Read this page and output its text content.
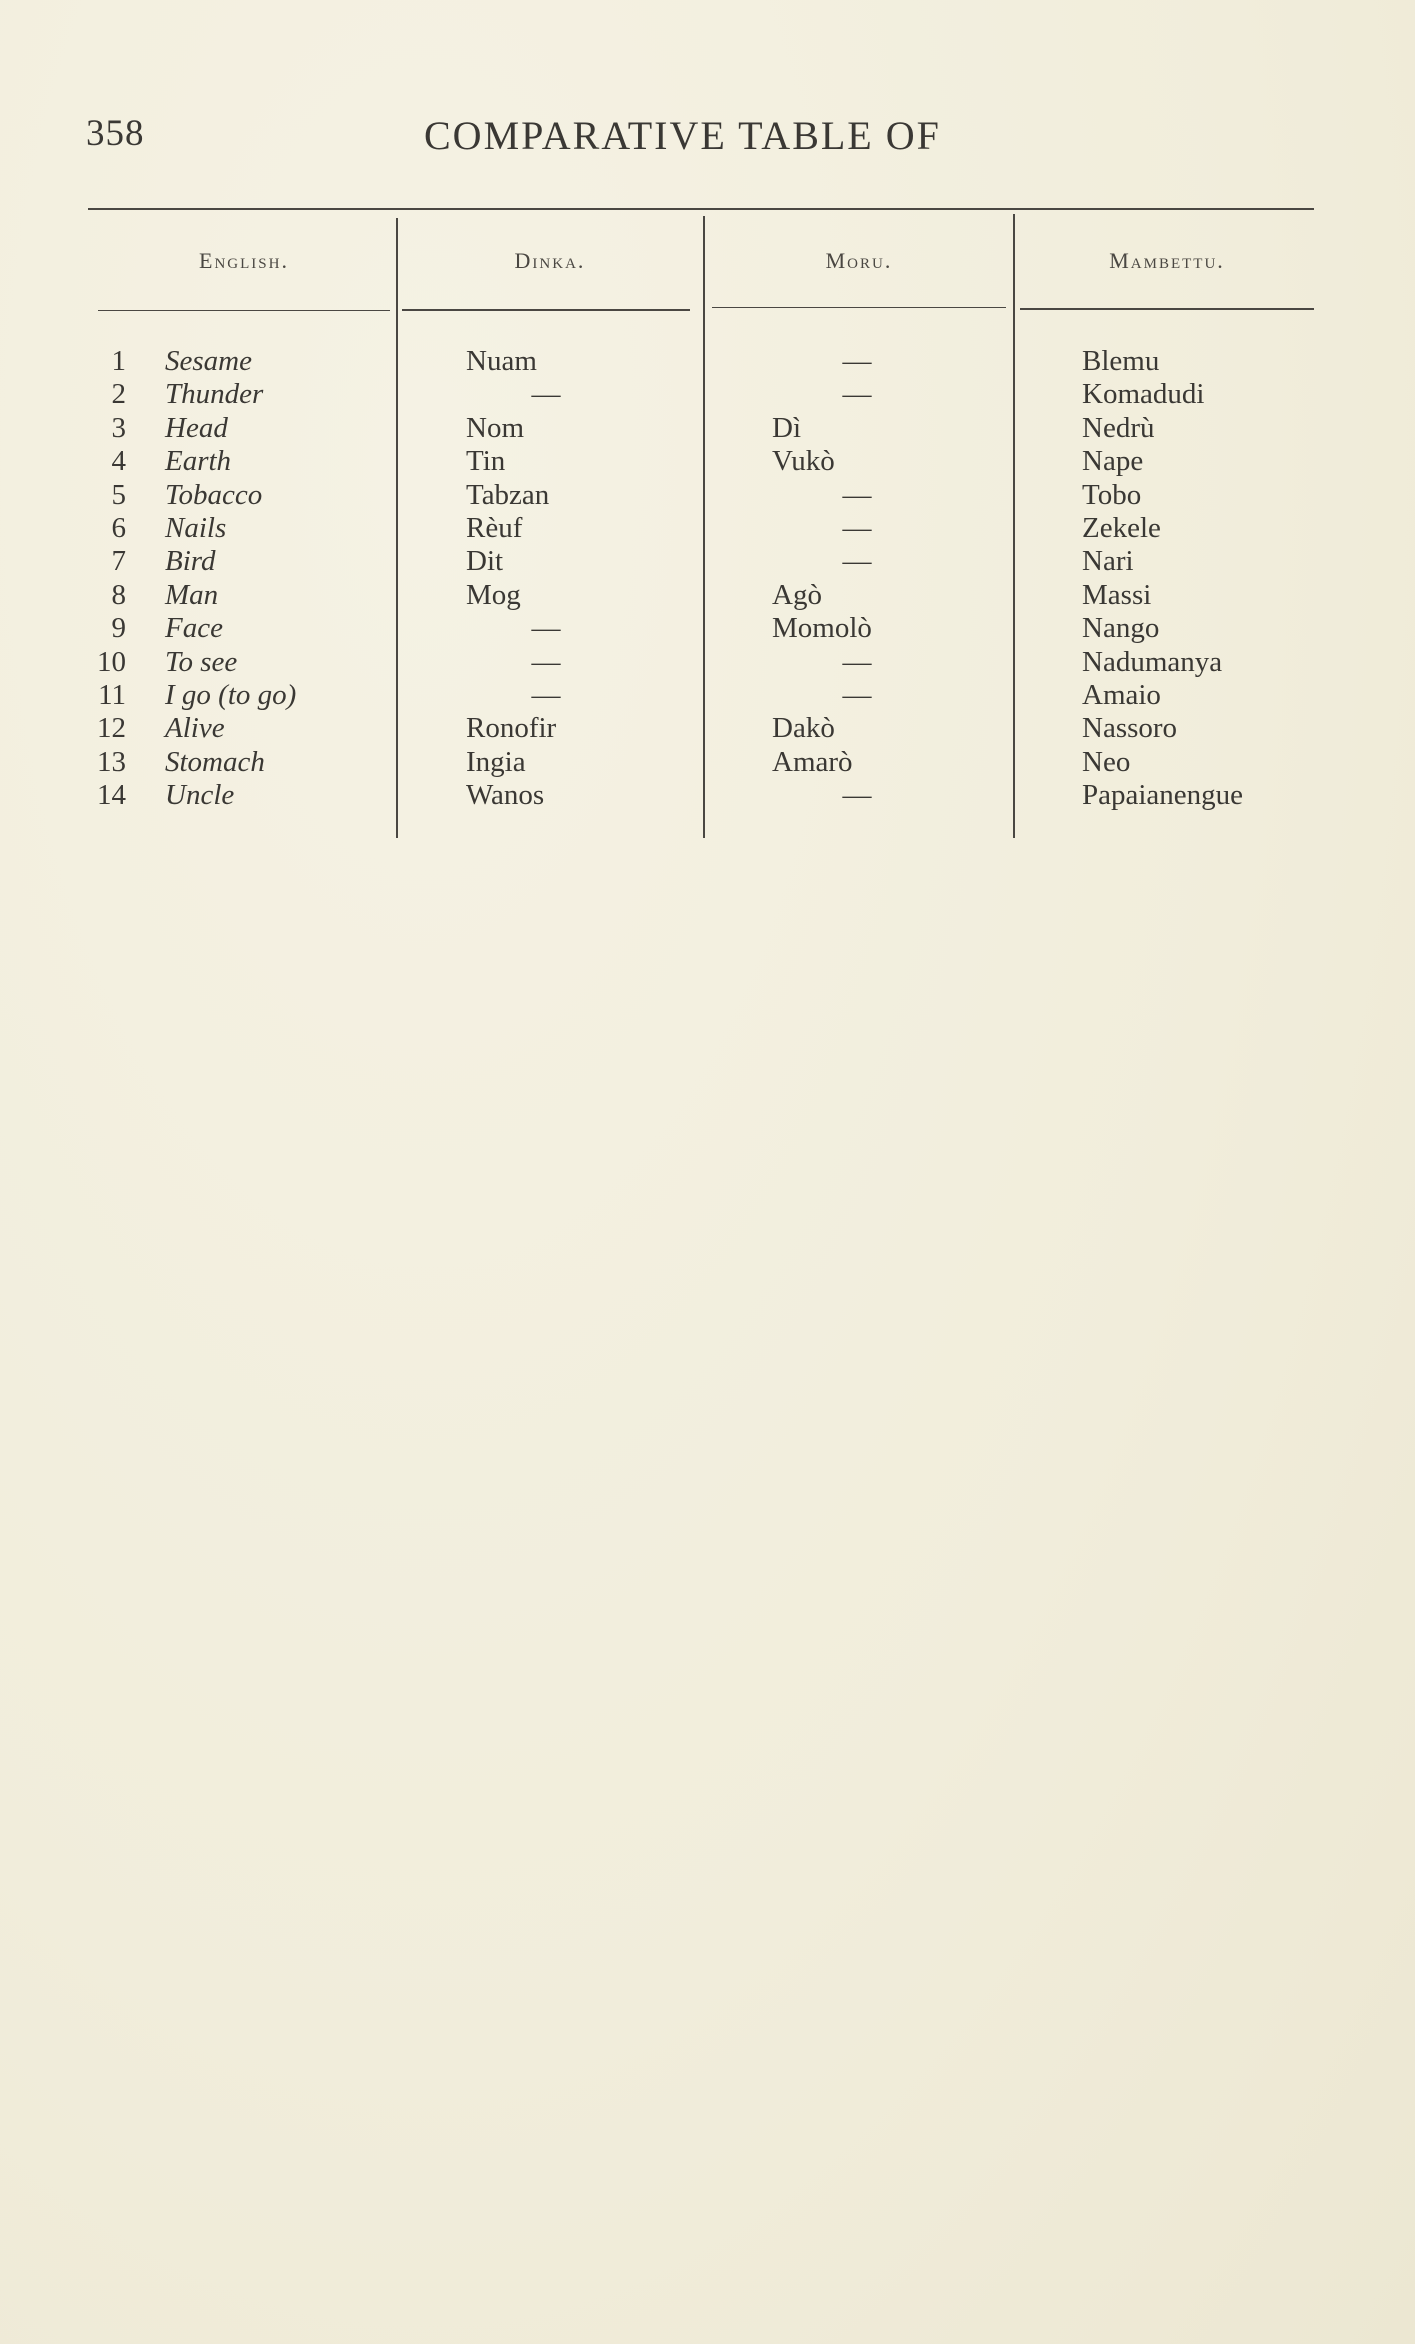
358	COMPARATIVE TABLE OF
English.	Dinka.	Moru.	Mambettu.
1 Sesame	Nuam	—	Blemu
2 Thunder	—	—	Komadudi
3 Head	Nom	Dì	Nedrù
4 Earth	Tin	Vukò	Nape
5 Tobacco	Tabzan	—	Tobo
6 Nails	Rèuf	—	Zekele
7 Bird	Dit	—	Nari
8 Man	Mog	Agò	Massi
9 Face	—	Momolò	Nango
10 To see	—	—	Nadumanya
11 I go (to go)	—	—	Amaio
12 Alive	Ronofir	Dakò	Nassoro
13 Stomach	Ingia	Amarò	Neo
14 Uncle	Wanos	—	Papaianengue
